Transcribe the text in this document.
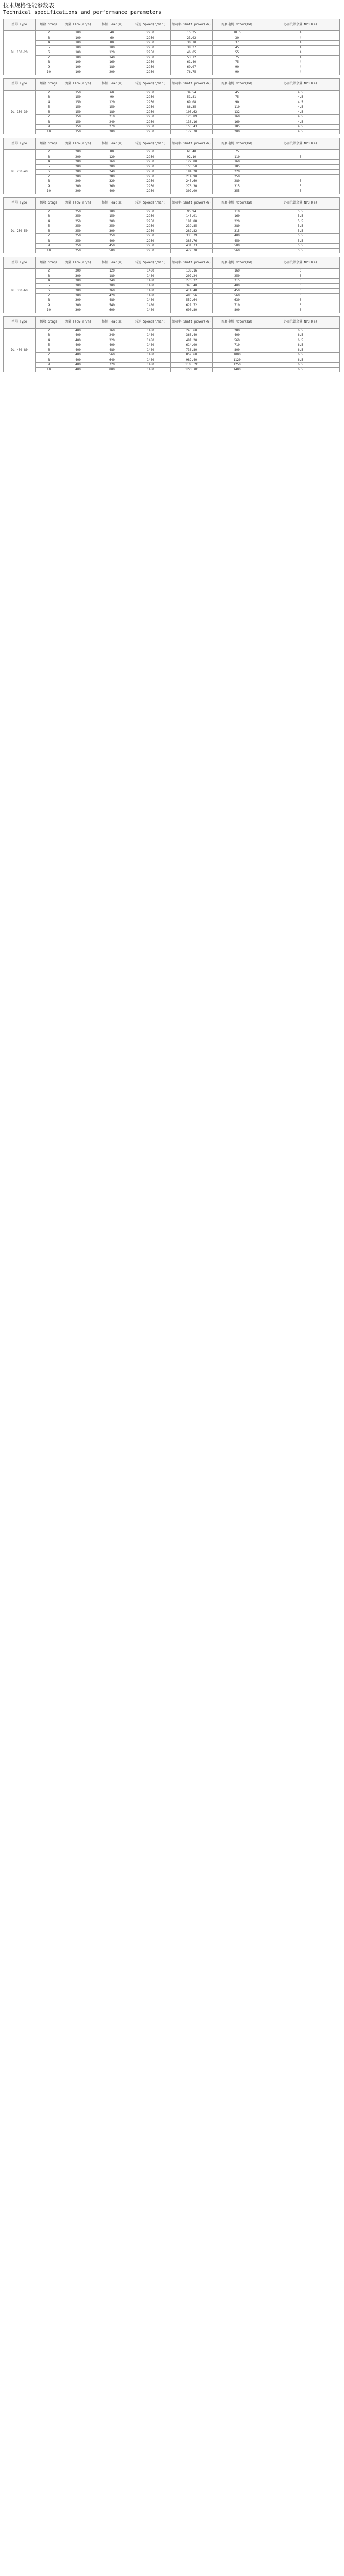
技术规格性能参数表
Technical specifications and performance parameters
型号 Type	级数 Stage	流量 Flow(m³/h)	扬程 Head(m)	转速 Speed(r/min)	轴功率 Shaft power(kW)	配套电机 Motor(kW)	必需汽蚀余量 NPSH(m)
DL 100-20	2	100	40	2950	15.35	18.5	4
	3	100	60	2950	23.02	30	4
	4	100	80	2950	30.70	37	4
	5	100	100	2950	38.37	45	4
	6	100	120	2950	46.05	55	4
	7	100	140	2950	53.72	75	4
	8	100	160	2950	61.40	75	4
	9	100	180	2950	69.07	90	4
	10	100	200	2950	76.75	90	4
型号 Type	级数 Stage	流量 Flow(m³/h)	扬程 Head(m)	转速 Speed(r/min)	轴功率 Shaft power(kW)	配套电机 Motor(kW)	必需汽蚀余量 NPSH(m)
DL 150-30	2	150	60	2950	34.54	45	4.5
	3	150	90	2950	51.81	75	4.5
	4	150	120	2950	69.08	90	4.5
	5	150	150	2950	86.35	110	4.5
	6	150	180	2950	103.62	132	4.5
	7	150	210	2950	120.89	160	4.5
	8	150	240	2950	138.16	160	4.5
	9	150	270	2950	155.43	185	4.5
	10	150	300	2950	172.70	200	4.5
型号 Type	级数 Stage	流量 Flow(m³/h)	扬程 Head(m)	转速 Speed(r/min)	轴功率 Shaft power(kW)	配套电机 Motor(kW)	必需汽蚀余量 NPSH(m)
DL 200-40	2	200	80	2950	61.40	75	5
	3	200	120	2950	92.10	110	5
	4	200	160	2950	122.80	160	5
	5	200	200	2950	153.50	185	5
	6	200	240	2950	184.20	220	5
	7	200	280	2950	214.90	250	5
	8	200	320	2950	245.60	280	5
	9	200	360	2950	276.30	315	5
	10	200	400	2950	307.00	355	5
型号 Type	级数 Stage	流量 Flow(m³/h)	扬程 Head(m)	转速 Speed(r/min)	轴功率 Shaft power(kW)	配套电机 Motor(kW)	必需汽蚀余量 NPSH(m)
DL 250-50	2	250	100	2950	95.94	110	5.5
	3	250	150	2950	143.91	160	5.5
	4	250	200	2950	191.88	220	5.5
	5	250	250	2950	239.85	280	5.5
	6	250	300	2950	287.82	315	5.5
	7	250	350	2950	335.79	400	5.5
	8	250	400	2950	383.76	450	5.5
	9	250	450	2950	431.73	500	5.5
	10	250	500	2950	479.70	560	5.5
型号 Type	级数 Stage	流量 Flow(m³/h)	扬程 Head(m)	转速 Speed(r/min)	轴功率 Shaft power(kW)	配套电机 Motor(kW)	必需汽蚀余量 NPSH(m)
DL 300-60	2	300	120	1480	138.16	160	6
	3	300	180	1480	207.24	250	6
	4	300	240	1480	276.32	315	6
	5	300	300	1480	345.40	400	6
	6	300	360	1480	414.48	450	6
	7	300	420	1480	483.56	560	6
	8	300	480	1480	552.64	630	6
	9	300	540	1480	621.72	710	6
	10	300	600	1480	690.80	800	6
型号 Type	级数 Stage	流量 Flow(m³/h)	扬程 Head(m)	转速 Speed(r/min)	轴功率 Shaft power(kW)	配套电机 Motor(kW)	必需汽蚀余量 NPSH(m)
DL 400-80	2	400	160	1480	245.60	280	6.5
	3	400	240	1480	368.40	400	6.5
	4	400	320	1480	491.20	560	6.5
	5	400	400	1480	614.00	710	6.5
	6	400	480	1480	736.80	800	6.5
	7	400	560	1480	859.60	1000	6.5
	8	400	640	1480	982.40	1120	6.5
	9	400	720	1480	1105.20	1250	6.5
	10	400	800	1480	1228.00	1400	6.5
